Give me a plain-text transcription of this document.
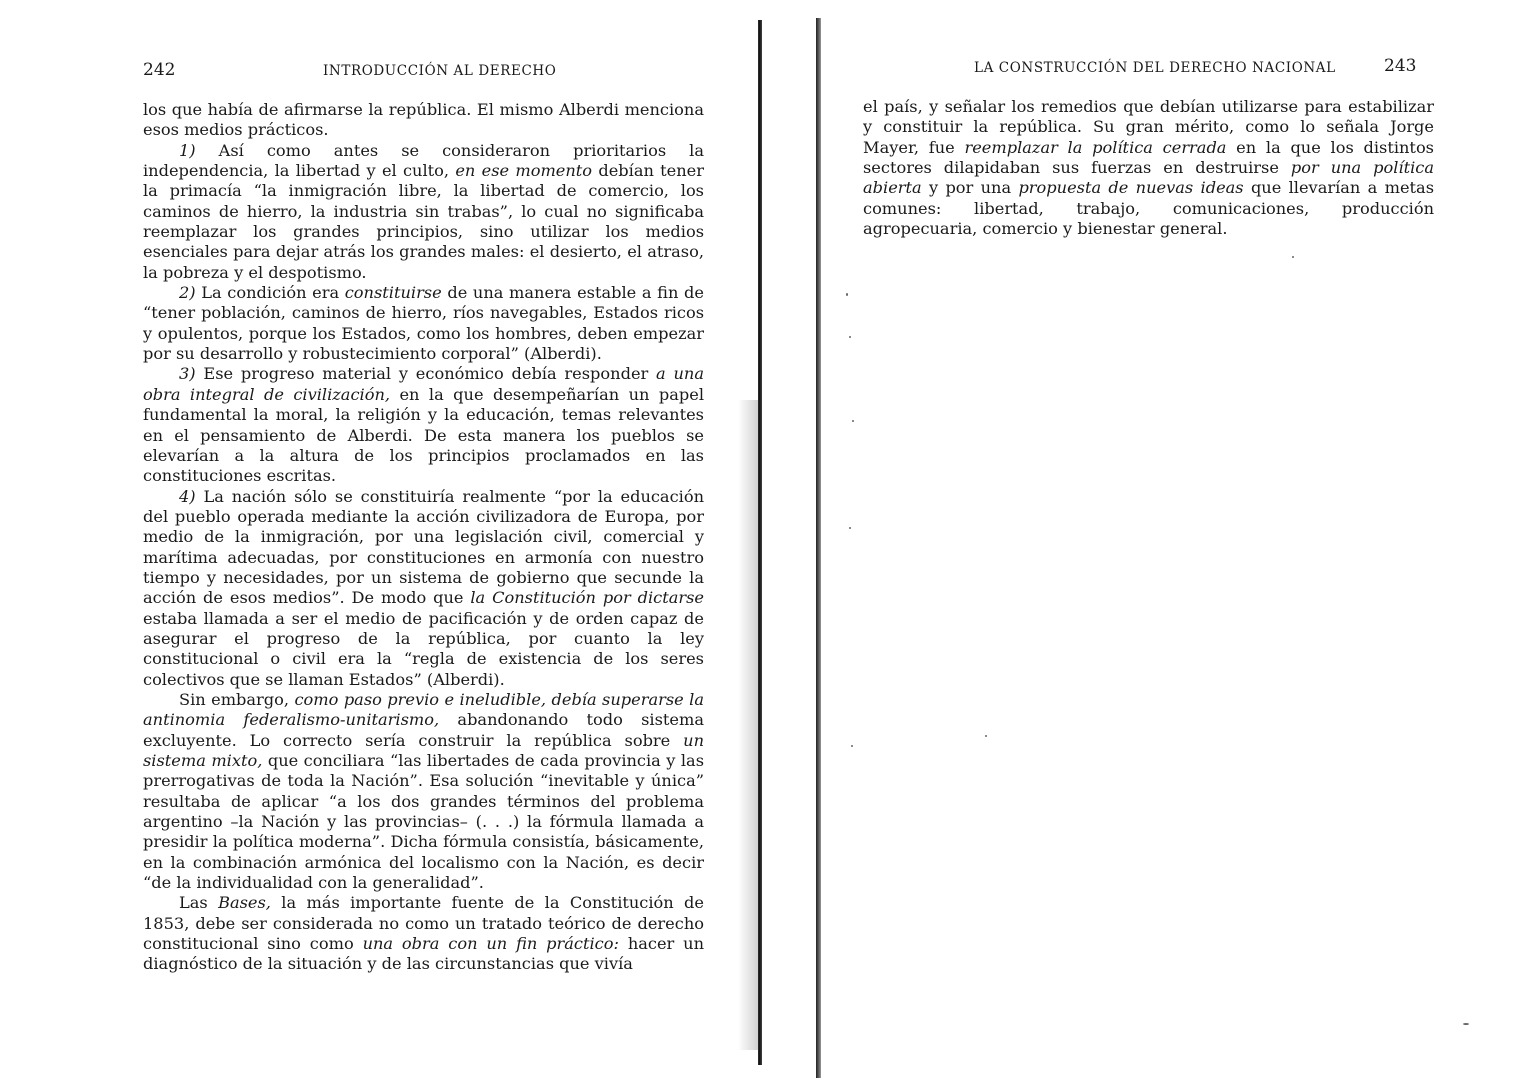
242	INTRODUCCIÓN AL DERECHO

los que había de afirmarse la república. El mismo Alberdi menciona esos medios prácticos.

1) Así como antes se consideraron prioritarios la independencia, la libertad y el culto, en ese momento debían tener la primacía “la inmigración libre, la libertad de comercio, los caminos de hierro, la industria sin trabas”, lo cual no significaba reemplazar los grandes principios, sino utilizar los medios esenciales para dejar atrás los grandes males: el desierto, el atraso, la pobreza y el despotismo.

2) La condición era constituirse de una manera estable a fin de “tener población, caminos de hierro, ríos navegables, Estados ricos y opulentos, porque los Estados, como los hombres, deben empezar por su desarrollo y robustecimiento corporal” (Alberdi).

3) Ese progreso material y económico debía responder a una obra integral de civilización, en la que desempeñarían un papel fundamental la moral, la religión y la educación, temas relevantes en el pensamiento de Alberdi. De esta manera los pueblos se elevarían a la altura de los principios proclamados en las constituciones escritas.

4) La nación sólo se constituiría realmente “por la educación del pueblo operada mediante la acción civilizadora de Europa, por medio de la inmigración, por una legislación civil, comercial y marítima adecuadas, por constituciones en armonía con nuestro tiempo y necesidades, por un sistema de gobierno que secunde la acción de esos medios”. De modo que la Constitución por dictarse estaba llamada a ser el medio de pacificación y de orden capaz de asegurar el progreso de la república, por cuanto la ley constitucional o civil era la “regla de existencia de los seres colectivos que se llaman Estados” (Alberdi).

Sin embargo, como paso previo e ineludible, debía superarse la antinomia federalismo-unitarismo, abandonando todo sistema excluyente. Lo correcto sería construir la república sobre un sistema mixto, que conciliara “las libertades de cada provincia y las prerrogativas de toda la Nación”. Esa solución “inevitable y única” resultaba de aplicar “a los dos grandes términos del problema argentino –la Nación y las provincias– (. . .) la fórmula llamada a presidir la política moderna”. Dicha fórmula consistía, básicamente, en la combinación armónica del localismo con la Nación, es decir “de la individualidad con la generalidad”.

Las Bases, la más importante fuente de la Constitución de 1853, debe ser considerada no como un tratado teórico de derecho constitucional sino como una obra con un fin práctico: hacer un diagnóstico de la situación y de las circunstancias que vivía

LA CONSTRUCCIÓN DEL DERECHO NACIONAL	243

el país, y señalar los remedios que debían utilizarse para estabilizar y constituir la república. Su gran mérito, como lo señala Jorge Mayer, fue reemplazar la política cerrada en la que los distintos sectores dilapidaban sus fuerzas en destruirse por una política abierta y por una propuesta de nuevas ideas que llevarían a metas comunes: libertad, trabajo, comunicaciones, producción agropecuaria, comercio y bienestar general.
